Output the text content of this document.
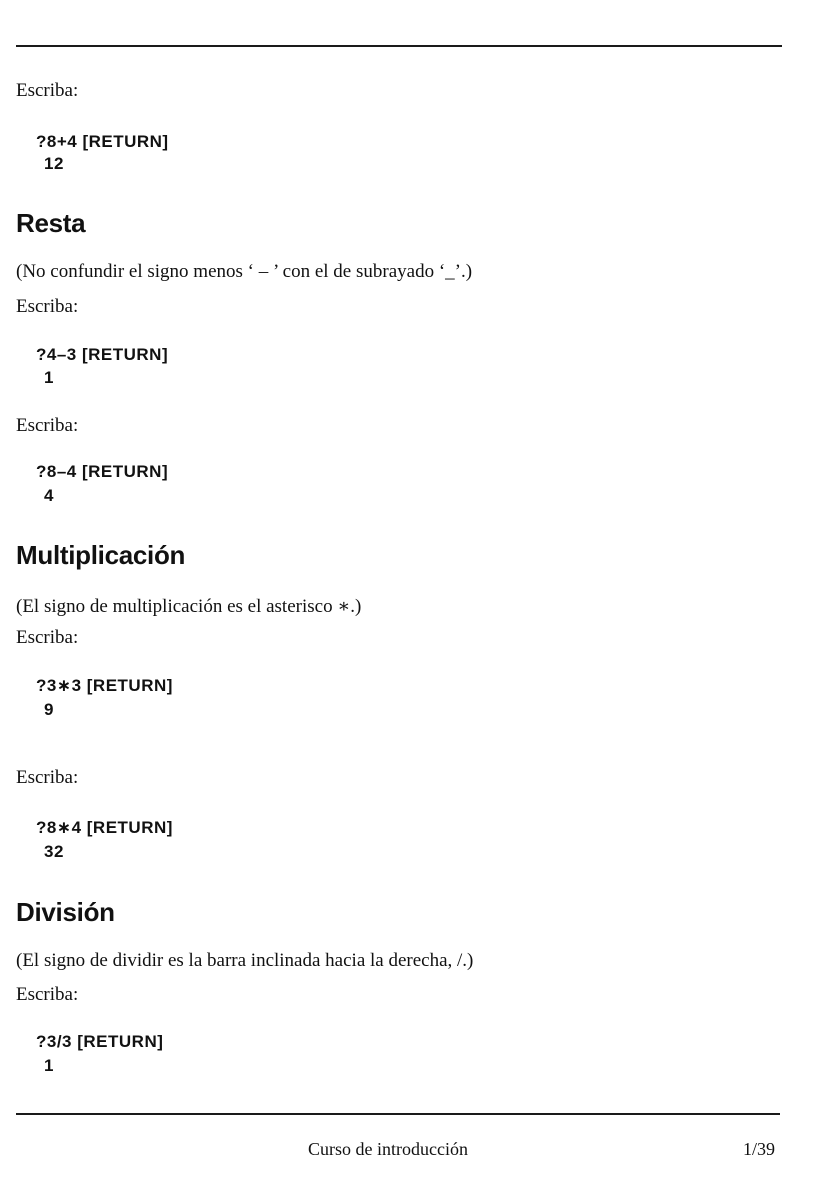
Escriba:
?8+4 [RETURN]
12
Resta
(No confundir el signo menos ‘ – ’ con el de subrayado ‘_’.)
Escriba:
?4–3 [RETURN]
1
Escriba:
?8–4 [RETURN]
4
Multiplicación
(El signo de multiplicación es el asterisco ∗.)
Escriba:
?3∗3 [RETURN]
9
Escriba:
?8∗4 [RETURN]
32
División
(El signo de dividir es la barra inclinada hacia la derecha, /.)
Escriba:
?3/3 [RETURN]
1
Curso de introducción	1/39
